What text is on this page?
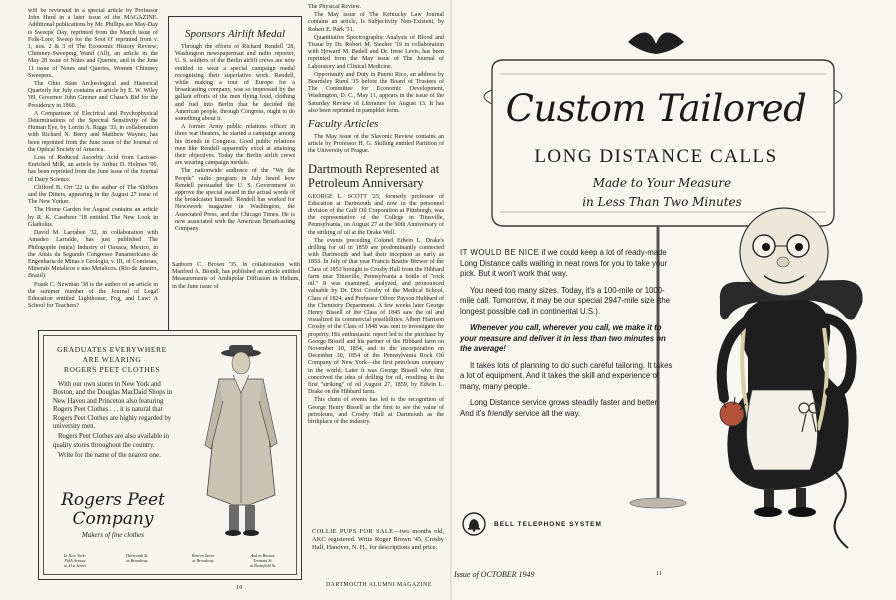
will be reviewed in a special article by Professor John Hurd in a later issue of the MAGAZINE. Additional publications by Mr. Phillips are May-Day is Sweeps' Day, reprinted from the March issue of Folk-Lore; Sweep for the Soot O' reprinted from v. 1, nos. 2 & 3 of The Economic History Review; Chimney-Sweeping Wand (All), an article in the May 28 issue of Notes and Queries; and in the June 11 issue of Notes and Queries, Women Chimney Sweepers.

The Ohio State Archeological and Historical Quarterly for July contains an article by E. W. Wiley '09, Governor John Greiner and Chase's Bid for the Presidency in 1860.

A Comparison of Electrical and Psychophysical Determinations of the Spectral Sensitivity of the Human Eye, by Lorrin A. Riggs '33, in collaboration with Richard N. Berry and Matthew Wayner, has been reprinted from the June issue of the Journal of the Optical Society of America.

Loss of Reduced Ascorbic Acid from Lactose-Enriched Milk, an article by Arthur D. Holmes '06, has been reprinted from the June issue of the Journal of Dairy Science.

Clifford B. Orr '22 is the author of The Shifters and the Ditters, appearing in the August 27 issue of The New Yorker.

The Home Garden for August contains an article by R. K. Casebeer '18 entitled The New Look in Gladiolus.

David M. Larrabee '32, in collaboration with Amadeo Larralde, has just published The Philogopite (mica) Industry of Oaxaca, Mexico, in the Anais da Segundo Congresso Panamericano de Engenharia de Minas e Geologia, v. III, of Comissao, Minerais Metalicos e nao Metalicos. (Rio de Janeiro, Brazil).

Frank C. Newman '38 is the author of an article in the summer number of the Journal of Legal Education entitled Lighthouse, Fog, and Law: A School for Teachers?

Sponsors Airlift Medal

Through the efforts of Richard Rendell '28, Washington newspaperman and radio reporter, U. S. soldiers of the Berlin airlift crews are now entitled to wear a special campaign medal recognizing their superlative work. Rendell, while making a tour of Europe for a broadcasting company, was so impressed by the gallant efforts of the men flying food, clothing and fuel into Berlin that he decided the American people, through Congress, ought to do something about it.

A former Army public relations officer in three war theaters, he started a campaign among his friends in Congress. Good public relations men like Rendell apparently excel at attaining their objectives. Today the Berlin airlift crews are wearing campaign medals.

The nationwide audience of the "We the People" radio program in July heard how Rendell persuaded the U. S. Government to approve the special award in the actual words of the broadcaster himself. Rendell has worked for Newsweek magazine in Washington, the Associated Press, and the Chicago Times. He is now associated with the American Broadcasting Company.

Sanborn C. Brown '35, in collaboration with Manfred A. Biondi, has published an article entitled Measurements of Ambipolar Diffusion in Helium, in the June issue of

The Physical Review.

The May issue of The Kentucky Law Journal contains an article, Is Subjectivity Non-Existent, by Robert E. Park '31.

Quantitative Spectrographic Analysis of Blood and Tissue by Dr. Robert M. Stecher '19 in collaboration with Howard M. Bedell and Dr. Irene Levis, has been reprinted from the May issue of The Journal of Laboratory and Clinical Medicine.

Opportunity and Duty in Puerto Rico, an address by Beardsley Ruml '15 before the Board of Trustees of The Committee for Economic Development, Washington, D. C., May 11, appears in the issue of the Saturday Review of Literature for August 13. It has also been reprinted in pamphlet form.

Faculty Articles

The May issue of the Slavonic Review contains an article by Professor H. G. Skilling entitled Partition of the University of Prague.

Dartmouth Represented at Petroleum Anniversary

GEORGE L. SCOTT '25, formerly professor of Education at Dartmouth and now in the personnel division of the Gulf Oil Corporation at Pittsburgh, was the representative of the College in Titusville, Pennsylvania, on August 27 at the 90th Anniversary of the striking of oil at the Drake Well.

The events preceding Colonel Edwin L. Drake's drilling for oil in 1859 are predominantly connected with Dartmouth and had their inception as early as 1853. In July of that year Francis Beattie Brewer of the Class of 1853 brought to Crosby Hall from the Hibbard farm near Titusville, Pennsylvania a bottle of "rock oil." It was examined, analyzed, and pronounced valuable by Dr. Dixi Crosby of the Medical School, Class of 1824, and Professor Oliver Payson Hubbard of the Chemistry Department. A few weeks later George Henry Bissell of the Class of 1845 saw the oil and visualized its commercial possibilities. Albert Harrison Crosby of the Class of 1848 was sent to investigate the property. His enthusiastic report led to the purchase by George Bissell and his partner of the Hibbard farm on November 10, 1854, and to the incorporation on December 30, 1854 of the Pennsylvania Rock Oil Company of New York—the first petroleum company in the world. Later it was George Bissell who first conceived the idea of drilling for oil, resulting in the first "striking" of oil August 27, 1859, by Edwin L. Drake on the Hibbard farm.

This chain of events has led to the recognition of George Henry Bissell as the first to see the value of petroleum, and Crosby Hall at Dartmouth as the birthplace of the industry.

GRADUATES EVERYWHERE
ARE WEARING
ROGERS PEET CLOTHES

With our own stores in New York and Boston, and the Douglas MacDaid Shops in New Haven and Princeton also featuring Rogers Peet Clothes . . . it is natural that Rogers Peet Clothes are highly regarded by university men.

Rogers Peet Clothes are also available in quality stores throughout the country.

Write for the name of the nearest one.

Rogers Peet
Company
Makers of fine clothes
In New York:
Fifth Avenue
at 41st Street
Thirteenth St.
at Broadway
Warren Street
at Broadway
And in Boston:
Tremont St.
at Bromfield St.
COLLIE PUPS FOR SALE—two months old, AKC registered. Write Roger Brown '45, Crosby Hall, Hanover, N. H., for descriptions and price.
10	DARTMOUTH ALUMNI MAGAZINE
Custom Tailored
LONG DISTANCE CALLS
Made to Your Measure
in Less Than Two Minutes

IT WOULD BE NICE if we could keep a lot of ready-made Long Distance calls waiting in neat rows for you to take your pick. But it won't work that way.

You need too many sizes. Today, it's a 100-mile or 1000-mile call. Tomorrow, it may be our special 2947-mile size (the longest possible call in continental U.S.).

Whenever you call, wherever you call, we make it to your measure and deliver it in less than two minutes on the average!

It takes lots of planning to do such careful tailoring. It takes a lot of equipment. And it takes the skill and experience of many, many people.

Long Distance service grows steadily faster and better. And it's friendly service all the way.

BELL TELEPHONE SYSTEM
Issue of OCTOBER 1949	11
